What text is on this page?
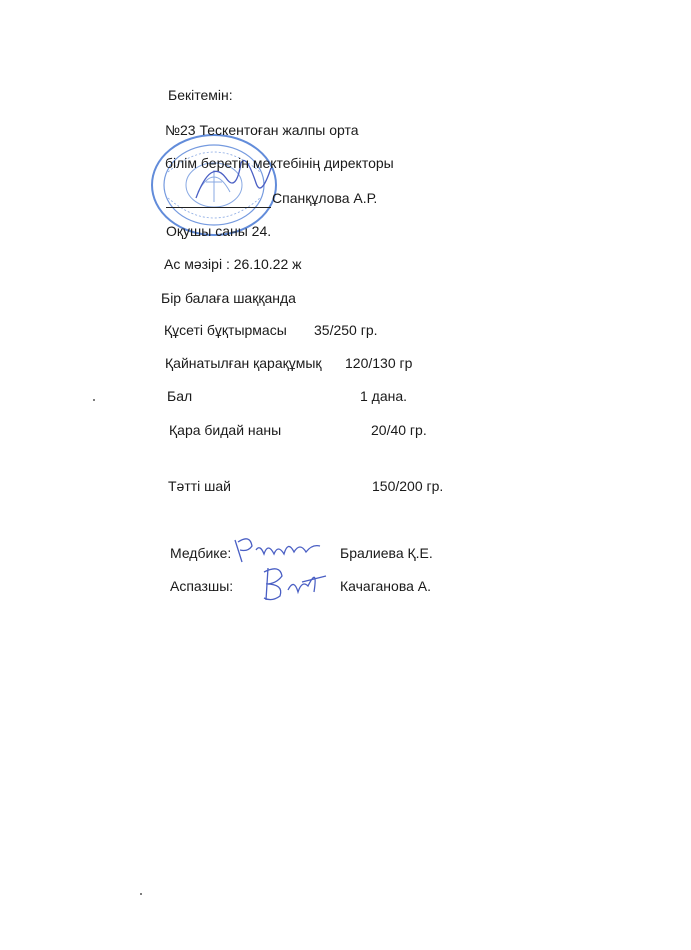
Бекітемін:
№23 Тескентоған жалпы орта
білім беретін мектебінің директоры
Спанқұлова А.Р.
Оқушы саны 24.
Ас мәзірі : 26.10.22 ж
Бір балаға шаққанда
Құсеті бұқтырмасы 35/250 гр.
Қайнатылған қарақұмық 120/130 гр
Бал	1 дана.
Қара бидай наны	20/40 гр.
Тәтті шай	150/200 гр.
Медбике:	Бралиева Қ.Е.
Аспазшы:	Качаганова А.
